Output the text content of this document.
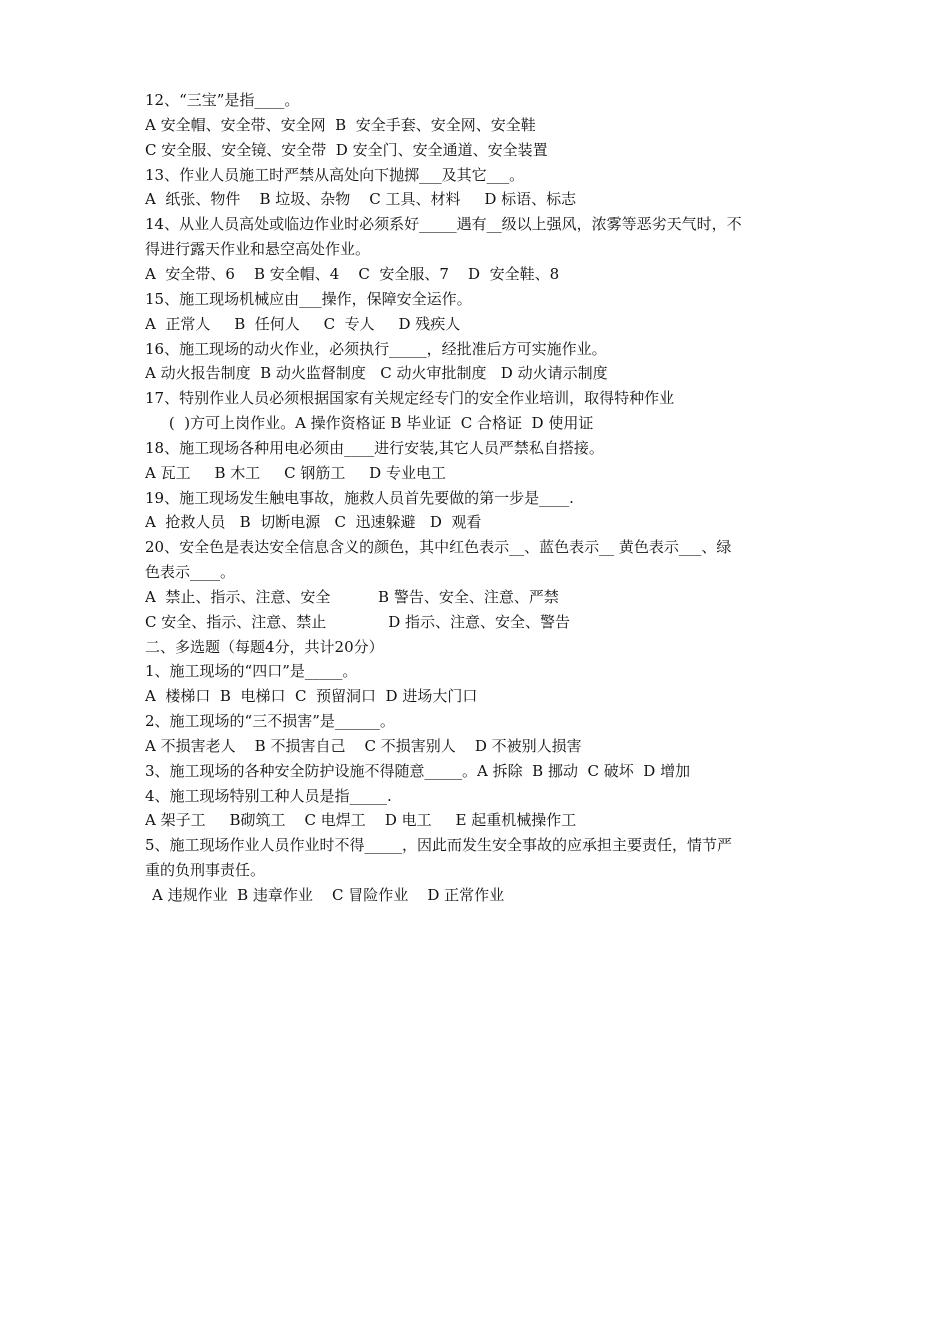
12、“三宝”是指____。
A 安全帽、安全带、安全网  B  安全手套、安全网、安全鞋
C 安全服、安全镜、安全带  D 安全门、安全通道、安全装置
13、作业人员施工时严禁从高处向下抛掷___及其它___。
A  纸张、物件    B 垃圾、杂物    C 工具、材料     D 标语、标志
14、从业人员高处或临边作业时必须系好_____遇有__级以上强风，浓雾等恶劣天气时，不
得进行露天作业和悬空高处作业。
A  安全带、6    B 安全帽、4    C  安全服、7    D  安全鞋、8
15、施工现场机械应由___操作，保障安全运作。
A  正常人     B  任何人     C  专人     D 残疾人
16、施工现场的动火作业，必须执行_____，经批准后方可实施作业。
A 动火报告制度  B 动火监督制度   C 动火审批制度   D 动火请示制度
17、特别作业人员必须根据国家有关规定经专门的安全作业培训，取得特种作业
(  )方可上岗作业。A 操作资格证 B 毕业证  C 合格证  D 使用证
18、施工现场各种用电必须由____进行安装,其它人员严禁私自搭接。
A 瓦工     B 木工     C 钢筋工     D 专业电工
19、施工现场发生触电事故，施救人员首先要做的第一步是____.
A  抢救人员   B  切断电源   C  迅速躲避   D  观看
20、安全色是表达安全信息含义的颜色，其中红色表示__、蓝色表示__ 黄色表示___、绿
色表示____。
A  禁止、指示、注意、安全          B 警告、安全、注意、严禁
C 安全、指示、注意、禁止             D 指示、注意、安全、警告
二、多选题（每题4分，共计20分）
1、施工现场的“四口”是_____。
A  楼梯口  B  电梯口  C  预留洞口  D 进场大门口
2、施工现场的“三不损害”是______。
A 不损害老人    B 不损害自己    C 不损害别人    D 不被别人损害
3、施工现场的各种安全防护设施不得随意_____。A 拆除  B 挪动  C 破坏  D 增加
4、施工现场特别工种人员是指_____.
A 架子工     B砌筑工    C 电焊工    D 电工     E 起重机械操作工
5、施工现场作业人员作业时不得_____，因此而发生安全事故的应承担主要责任，情节严
重的负刑事责任。
A 违规作业  B 违章作业    C 冒险作业    D 正常作业
